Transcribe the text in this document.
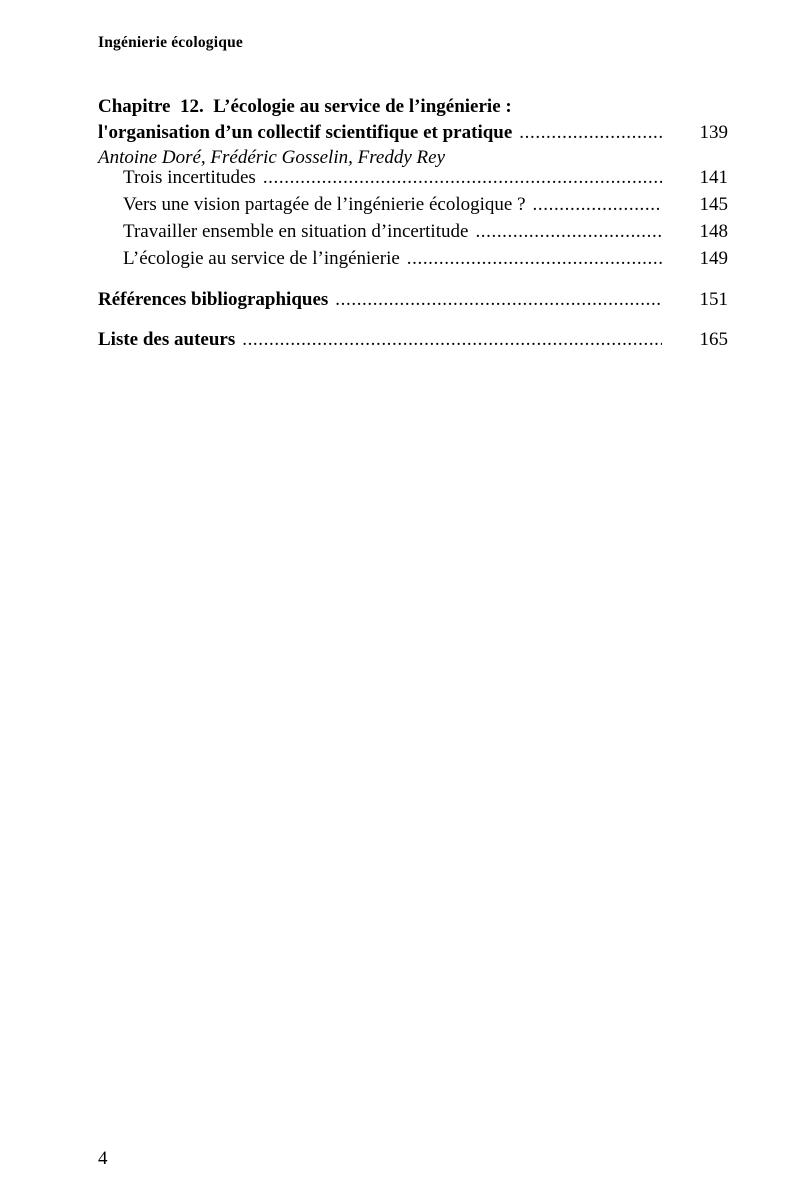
Ingénierie écologique
Chapitre  12.  L’écologie au service de l’ingénierie :
l'organisation d’un collectif scientifique et pratique .....	139
Antoine Doré, Frédéric Gosselin, Freddy Rey
Trois incertitudes .....	141
Vers une vision partagée de l’ingénierie écologique ? .....	145
Travailler ensemble en situation d’incertitude .....	148
L’écologie au service de l’ingénierie .....	149
Références bibliographiques .....	151
Liste des auteurs .....	165
4
